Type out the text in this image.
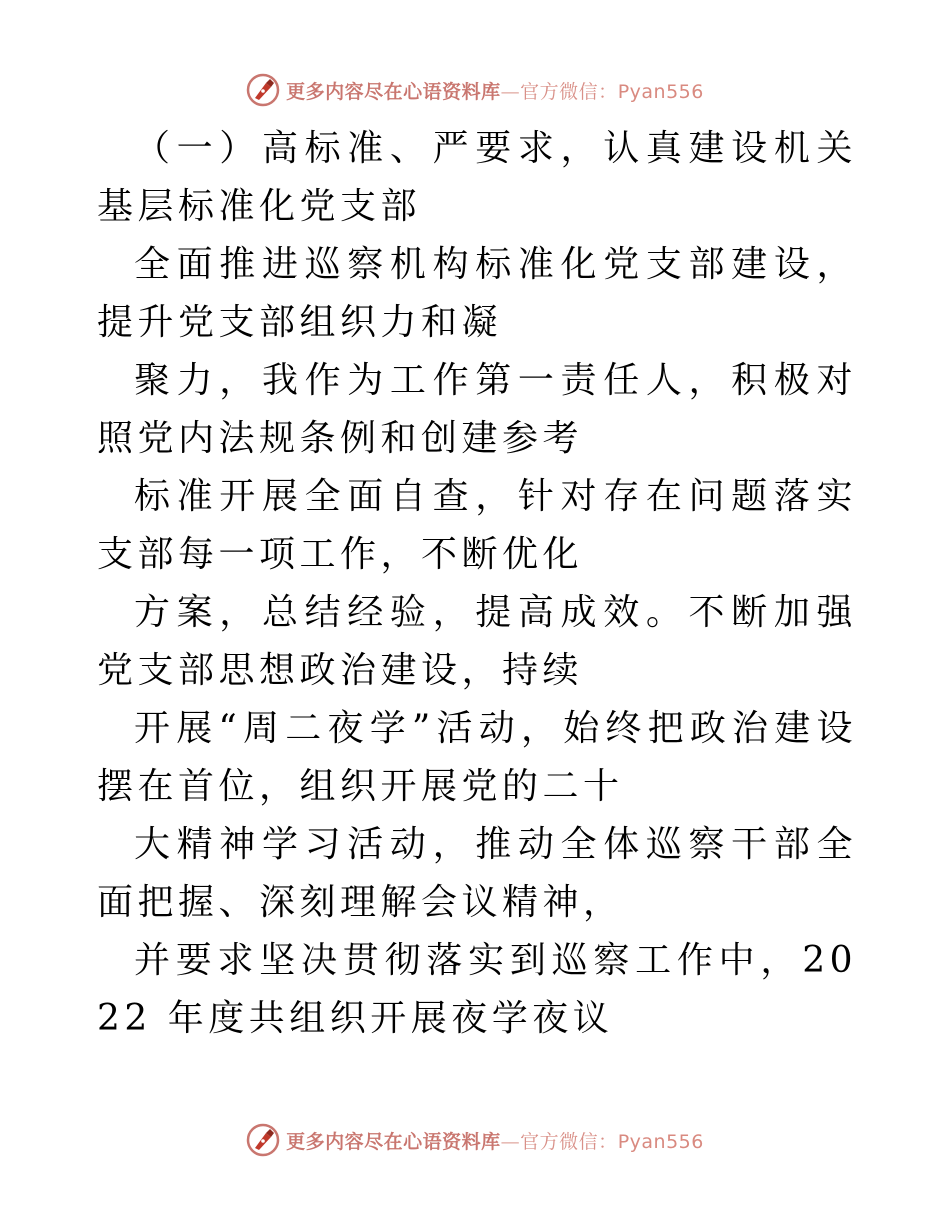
更多内容尽在心语资料库—官方微信：Pyan556

（一）高标准、严要求，认真建设机关基层标准化党支部

全面推进巡察机构标准化党支部建设，提升党支部组织力和凝

聚力，我作为工作第一责任人，积极对照党内法规条例和创建参考

标准开展全面自查，针对存在问题落实支部每一项工作，不断优化

方案，总结经验，提高成效。不断加强党支部思想政治建设，持续

开展“周二夜学”活动，始终把政治建设摆在首位，组织开展党的二十

大精神学习活动，推动全体巡察干部全面把握、深刻理解会议精神，

并要求坚决贯彻落实到巡察工作中，2022 年度共组织开展夜学夜议

更多内容尽在心语资料库—官方微信：Pyan556
